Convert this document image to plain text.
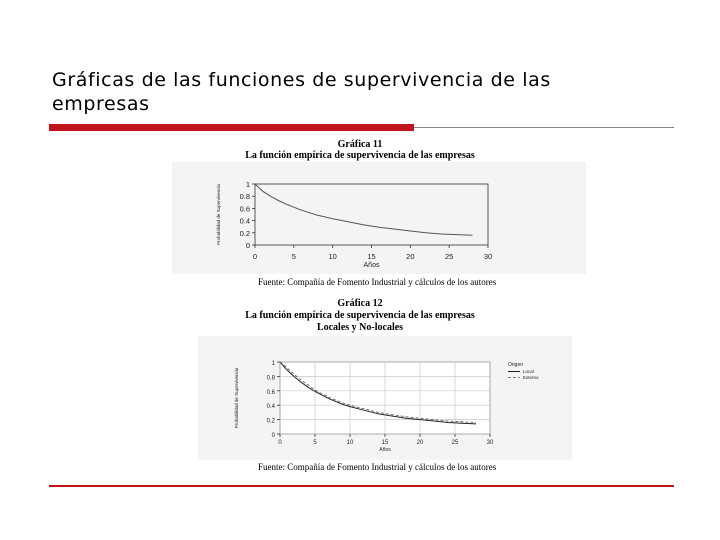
Gráficas de las funciones de supervivencia de las empresas
Gráfica 11
La función empírica de supervivencia de las empresas
0	5	10	15	20	25	30
1
0.8
0.6
0.4
0.2
0
Años
Probabilidad de Supervivencia
Fuente: Compañía de Fomento Industrial y cálculos de los autores
Gráfica 12
La función empírica de supervivencia de las empresas
Locales y No-locales
0	5	10	15	20	25	30
1
0.8
0.6
0.4
0.2
0
Años
Probabilidad de Supervivencia
Origen
Local
Externo
Fuente: Compañía de Fomento Industrial y cálculos de los autores
